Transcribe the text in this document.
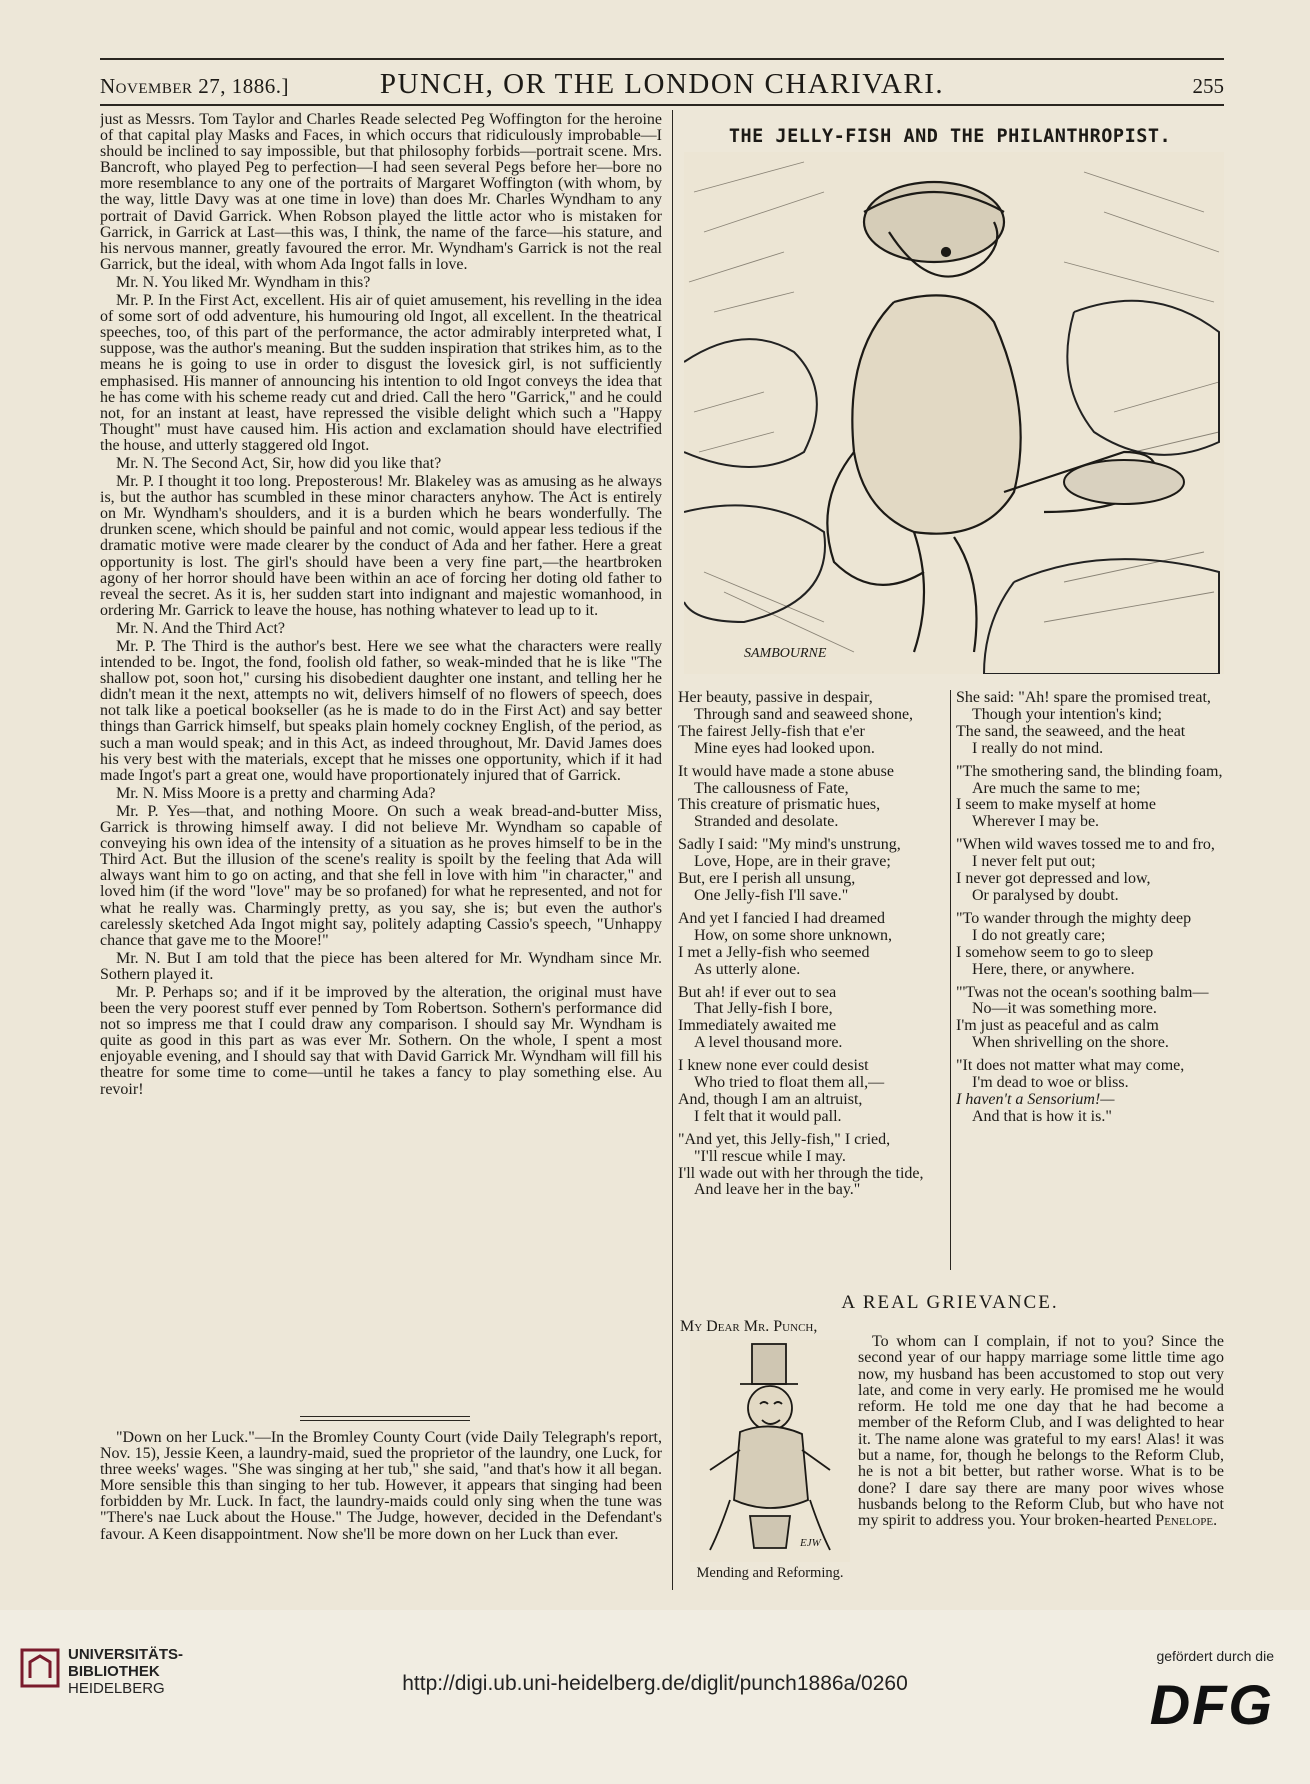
November 27, 1886.]	PUNCH, OR THE LONDON CHARIVARI.	255

just as Messrs. Tom Taylor and Charles Reade selected Peg Woffington for the heroine of that capital play Masks and Faces, in which occurs that ridiculously improbable—I should be inclined to say impossible, but that philosophy forbids—portrait scene. Mrs. Bancroft, who played Peg to perfection—I had seen several Pegs before her—bore no more resemblance to any one of the portraits of Margaret Woffington (with whom, by the way, little Davy was at one time in love) than does Mr. Charles Wyndham to any portrait of David Garrick. When Robson played the little actor who is mistaken for Garrick, in Garrick at Last—this was, I think, the name of the farce—his stature, and his nervous manner, greatly favoured the error. Mr. Wyndham's Garrick is not the real Garrick, but the ideal, with whom Ada Ingot falls in love.

Mr. N. You liked Mr. Wyndham in this?

Mr. P. In the First Act, excellent. His air of quiet amusement, his revelling in the idea of some sort of odd adventure, his humouring old Ingot, all excellent. In the theatrical speeches, too, of this part of the performance, the actor admirably interpreted what, I suppose, was the author's meaning. But the sudden inspiration that strikes him, as to the means he is going to use in order to disgust the lovesick girl, is not sufficiently emphasised. His manner of announcing his intention to old Ingot conveys the idea that he has come with his scheme ready cut and dried. Call the hero "Garrick," and he could not, for an instant at least, have repressed the visible delight which such a "Happy Thought" must have caused him. His action and exclamation should have electrified the house, and utterly staggered old Ingot.

Mr. N. The Second Act, Sir, how did you like that?

Mr. P. I thought it too long. Preposterous! Mr. Blakeley was as amusing as he always is, but the author has scumbled in these minor characters anyhow. The Act is entirely on Mr. Wyndham's shoulders, and it is a burden which he bears wonderfully. The drunken scene, which should be painful and not comic, would appear less tedious if the dramatic motive were made clearer by the conduct of Ada and her father. Here a great opportunity is lost. The girl's should have been a very fine part,—the heartbroken agony of her horror should have been within an ace of forcing her doting old father to reveal the secret. As it is, her sudden start into indignant and majestic womanhood, in ordering Mr. Garrick to leave the house, has nothing whatever to lead up to it.

Mr. N. And the Third Act?

Mr. P. The Third is the author's best. Here we see what the characters were really intended to be. Ingot, the fond, foolish old father, so weak-minded that he is like "The shallow pot, soon hot," cursing his disobedient daughter one instant, and telling her he didn't mean it the next, attempts no wit, delivers himself of no flowers of speech, does not talk like a poetical bookseller (as he is made to do in the First Act) and say better things than Garrick himself, but speaks plain homely cockney English, of the period, as such a man would speak; and in this Act, as indeed throughout, Mr. David James does his very best with the materials, except that he misses one opportunity, which if it had made Ingot's part a great one, would have proportionately injured that of Garrick.

Mr. N. Miss Moore is a pretty and charming Ada?

Mr. P. Yes—that, and nothing Moore. On such a weak bread-and-butter Miss, Garrick is throwing himself away. I did not believe Mr. Wyndham so capable of conveying his own idea of the intensity of a situation as he proves himself to be in the Third Act. But the illusion of the scene's reality is spoilt by the feeling that Ada will always want him to go on acting, and that she fell in love with him "in character," and loved him (if the word "love" may be so profaned) for what he represented, and not for what he really was. Charmingly pretty, as you say, she is; but even the author's carelessly sketched Ada Ingot might say, politely adapting Cassio's speech, "Unhappy chance that gave me to the Moore!"

Mr. N. But I am told that the piece has been altered for Mr. Wyndham since Mr. Sothern played it.

Mr. P. Perhaps so; and if it be improved by the alteration, the original must have been the very poorest stuff ever penned by Tom Robertson. Sothern's performance did not so impress me that I could draw any comparison. I should say Mr. Wyndham is quite as good in this part as was ever Mr. Sothern. On the whole, I spent a most enjoyable evening, and I should say that with David Garrick Mr. Wyndham will fill his theatre for some time to come—until he takes a fancy to play something else. Au revoir!

"Down on her Luck."—In the Bromley County Court (vide Daily Telegraph's report, Nov. 15), Jessie Keen, a laundry-maid, sued the proprietor of the laundry, one Luck, for three weeks' wages. "She was singing at her tub," she said, "and that's how it all began. More sensible this than singing to her tub. However, it appears that singing had been forbidden by Mr. Luck. In fact, the laundry-maids could only sing when the tune was "There's nae Luck about the House." The Judge, however, decided in the Defendant's favour. A Keen disappointment. Now she'll be more down on her Luck than ever.

THE JELLY-FISH AND THE PHILANTHROPIST.
SAMBOURNE
Her beauty, passive in despair,
Through sand and seaweed shone,
The fairest Jelly-fish that e'er
Mine eyes had looked upon.
It would have made a stone abuse
The callousness of Fate,
This creature of prismatic hues,
Stranded and desolate.
Sadly I said: "My mind's unstrung,
Love, Hope, are in their grave;
But, ere I perish all unsung,
One Jelly-fish I'll save."
And yet I fancied I had dreamed
How, on some shore unknown,
I met a Jelly-fish who seemed
As utterly alone.
But ah! if ever out to sea
That Jelly-fish I bore,
Immediately awaited me
A level thousand more.
I knew none ever could desist
Who tried to float them all,—
And, though I am an altruist,
I felt that it would pall.
"And yet, this Jelly-fish," I cried,
"I'll rescue while I may.
I'll wade out with her through the tide,
And leave her in the bay."
She said: "Ah! spare the promised treat,
Though your intention's kind;
The sand, the seaweed, and the heat
I really do not mind.
"The smothering sand, the blinding foam,
Are much the same to me;
I seem to make myself at home
Wherever I may be.
"When wild waves tossed me to and fro,
I never felt put out;
I never got depressed and low,
Or paralysed by doubt.
"To wander through the mighty deep
I do not greatly care;
I somehow seem to go to sleep
Here, there, or anywhere.
"'Twas not the ocean's soothing balm—
No—it was something more.
I'm just as peaceful and as calm
When shrivelling on the shore.
"It does not matter what may come,
I'm dead to woe or bliss.
I haven't a Sensorium!—
And that is how it is."
A REAL GRIEVANCE.
My Dear Mr. Punch,
EJW
Mending and Reforming.

To whom can I complain, if not to you? Since the second year of our happy marriage some little time ago now, my husband has been accustomed to stop out very late, and come in very early. He promised me he would reform. He told me one day that he had become a member of the Reform Club, and I was delighted to hear it. The name alone was grateful to my ears! Alas! it was but a name, for, though he belongs to the Reform Club, he is not a bit better, but rather worse. What is to be done? I dare say there are many poor wives whose husbands belong to the Reform Club, but who have not my spirit to address you. Your broken-hearted Penelope.

UNIVERSITÄTS-
BIBLIOTHEK
HEIDELBERG	http://digi.ub.uni-heidelberg.de/diglit/punch1886a/0260
gefördert durch die
DFG
